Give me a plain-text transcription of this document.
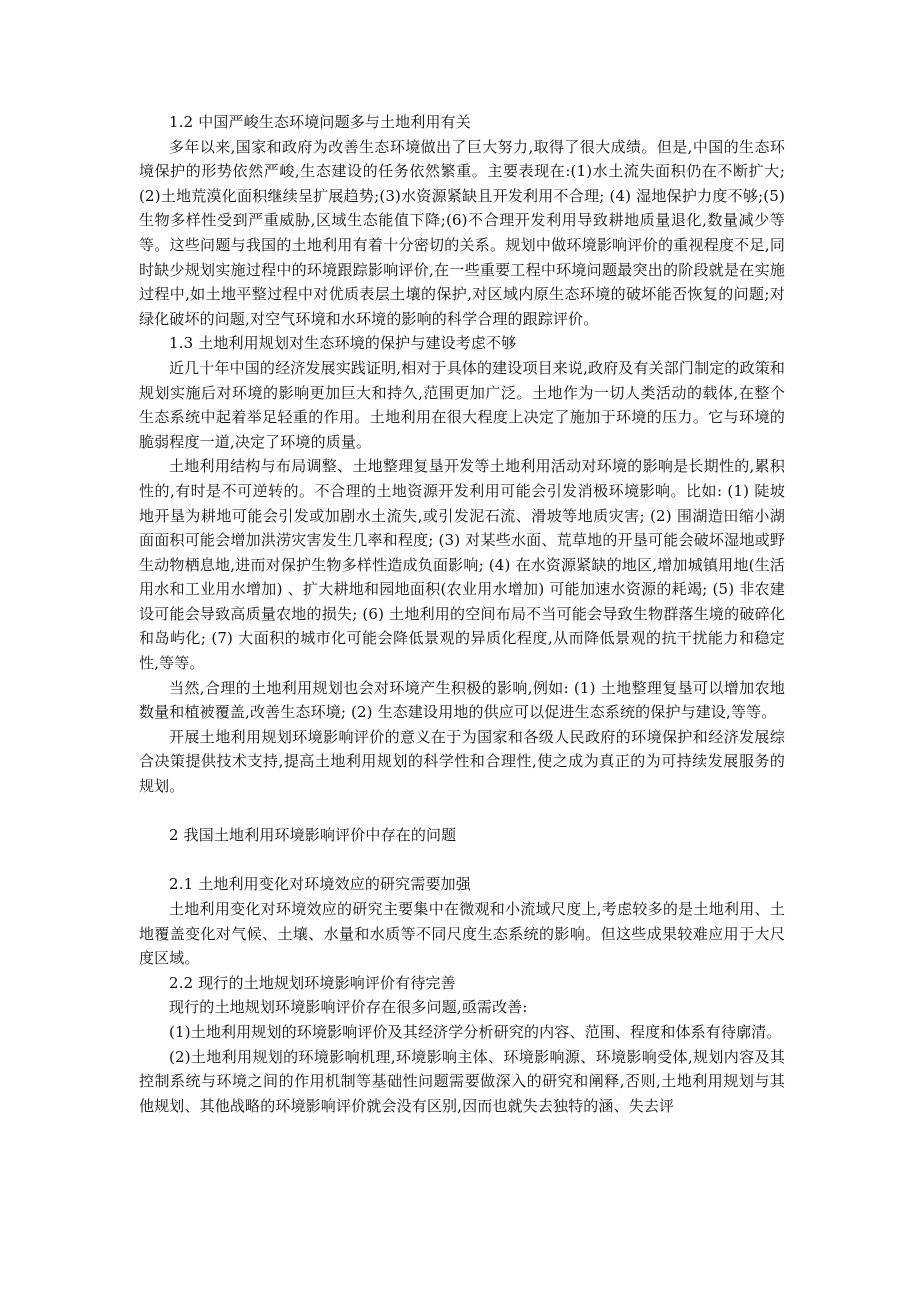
1.2 中国严峻生态环境问题多与土地利用有关

多年以来,国家和政府为改善生态环境做出了巨大努力,取得了很大成绩。但是,中国的生态环境保护的形势依然严峻,生态建设的任务依然繁重。主要表现在:(1)水土流失面积仍在不断扩大;(2)土地荒漠化面积继续呈扩展趋势;(3)水资源紧缺且开发利用不合理; (4) 湿地保护力度不够;(5)生物多样性受到严重威胁,区域生态能值下降;(6)不合理开发利用导致耕地质量退化,数量减少等等。这些问题与我国的土地利用有着十分密切的关系。规划中做环境影响评价的重视程度不足,同时缺少规划实施过程中的环境跟踪影响评价,在一些重要工程中环境问题最突出的阶段就是在实施过程中,如土地平整过程中对优质表层土壤的保护,对区域内原生态环境的破坏能否恢复的问题;对绿化破坏的问题,对空气环境和水环境的影响的科学合理的跟踪评价。

1.3 土地利用规划对生态环境的保护与建设考虑不够

近几十年中国的经济发展实践证明,相对于具体的建设项目来说,政府及有关部门制定的政策和规划实施后对环境的影响更加巨大和持久,范围更加广泛。土地作为一切人类活动的载体,在整个生态系统中起着举足轻重的作用。土地利用在很大程度上决定了施加于环境的压力。它与环境的脆弱程度一道,决定了环境的质量。

土地利用结构与布局调整、土地整理复垦开发等土地利用活动对环境的影响是长期性的,累积性的,有时是不可逆转的。不合理的土地资源开发利用可能会引发消极环境影响。比如: (1) 陡坡地开垦为耕地可能会引发或加剧水土流失,或引发泥石流、滑坡等地质灾害; (2) 围湖造田缩小湖面面积可能会增加洪涝灾害发生几率和程度; (3) 对某些水面、荒草地的开垦可能会破坏湿地或野生动物栖息地,进而对保护生物多样性造成负面影响; (4) 在水资源紧缺的地区,增加城镇用地(生活用水和工业用水增加) 、扩大耕地和园地面积(农业用水增加) 可能加速水资源的耗竭; (5) 非农建设可能会导致高质量农地的损失; (6) 土地利用的空间布局不当可能会导致生物群落生境的破碎化和岛屿化; (7) 大面积的城市化可能会降低景观的异质化程度,从而降低景观的抗干扰能力和稳定性,等等。

当然,合理的土地利用规划也会对环境产生积极的影响,例如: (1) 土地整理复垦可以增加农地数量和植被覆盖,改善生态环境; (2) 生态建设用地的供应可以促进生态系统的保护与建设,等等。

开展土地利用规划环境影响评价的意义在于为国家和各级人民政府的环境保护和经济发展综合决策提供技术支持,提高土地利用规划的科学性和合理性,使之成为真正的为可持续发展服务的规划。

2 我国土地利用环境影响评价中存在的问题
2.1 土地利用变化对环境效应的研究需要加强

土地利用变化对环境效应的研究主要集中在微观和小流域尺度上,考虑较多的是土地利用、土地覆盖变化对气候、土壤、水量和水质等不同尺度生态系统的影响。但这些成果较难应用于大尺度区域。

2.2 现行的土地规划环境影响评价有待完善

现行的土地规划环境影响评价存在很多问题,亟需改善:

(1)土地利用规划的环境影响评价及其经济学分析研究的内容、范围、程度和体系有待廓清。

(2)土地利用规划的环境影响机理,环境影响主体、环境影响源、环境影响受体,规划内容及其控制系统与环境之间的作用机制等基础性问题需要做深入的研究和阐释,否则,土地利用规划与其他规划、其他战略的环境影响评价就会没有区别,因而也就失去独特的涵、失去评
